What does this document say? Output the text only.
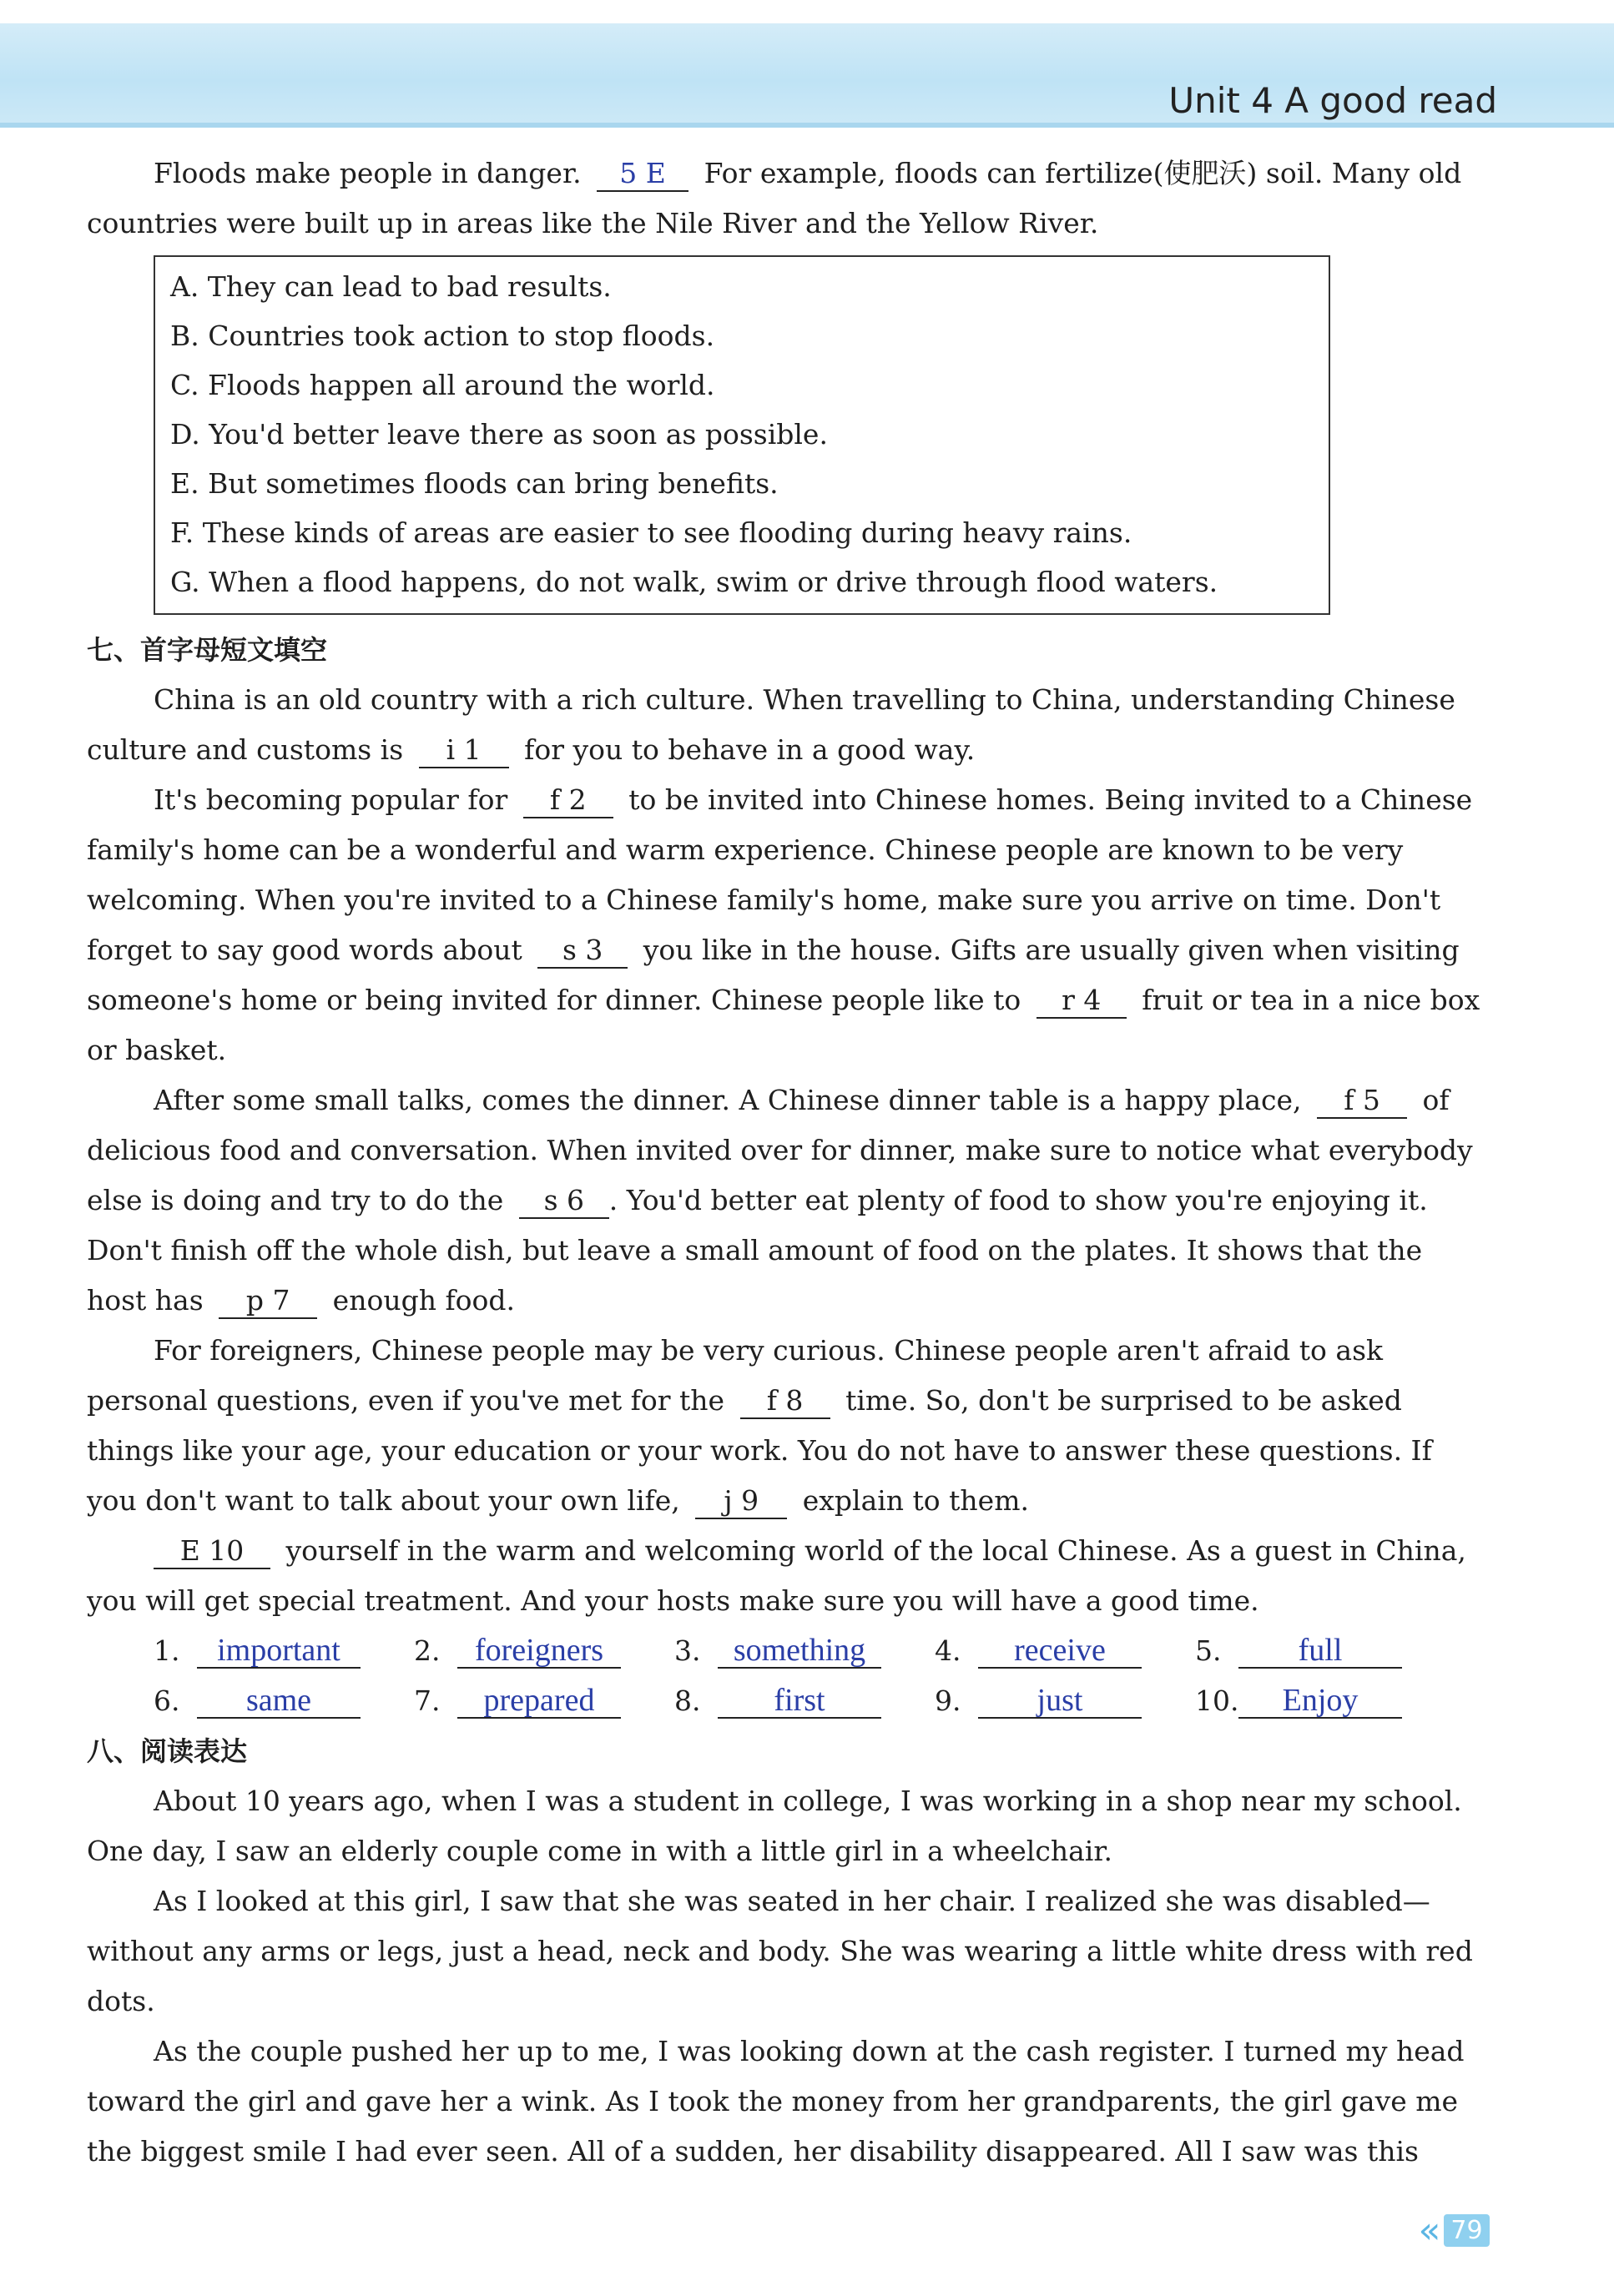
Unit 4 A good read
Floods make people in danger. 5 E For example, floods can fertilize(使肥沃) soil. Many old
countries were built up in areas like the Nile River and the Yellow River.
A. They can lead to bad results.
B. Countries took action to stop floods.
C. Floods happen all around the world.
D. You'd better leave there as soon as possible.
E. But sometimes floods can bring benefits.
F. These kinds of areas are easier to see flooding during heavy rains.
G. When a flood happens, do not walk, swim or drive through flood waters.
七、首字母短文填空
China is an old country with a rich culture. When travelling to China, understanding Chinese
culture and customs is i 1 for you to behave in a good way.
It's becoming popular for f 2 to be invited into Chinese homes. Being invited to a Chinese
family's home can be a wonderful and warm experience. Chinese people are known to be very
welcoming. When you're invited to a Chinese family's home, make sure you arrive on time. Don't
forget to say good words about s 3 you like in the house. Gifts are usually given when visiting
someone's home or being invited for dinner. Chinese people like to r 4 fruit or tea in a nice box
or basket.
After some small talks, comes the dinner. A Chinese dinner table is a happy place, f 5 of
delicious food and conversation. When invited over for dinner, make sure to notice what everybody
else is doing and try to do the s 6 . You'd better eat plenty of food to show you're enjoying it.
Don't finish off the whole dish, but leave a small amount of food on the plates. It shows that the
host has p 7 enough food.
For foreigners, Chinese people may be very curious. Chinese people aren't afraid to ask
personal questions, even if you've met for the f 8 time. So, don't be surprised to be asked
things like your age, your education or your work. You do not have to answer these questions. If
you don't want to talk about your own life, j 9 explain to them.
E 10 yourself in the warm and welcoming world of the local Chinese. As a guest in China,
you will get special treatment. And your hosts make sure you will have a good time.
1.	important	2.	foreigners	3.	something	4.	receive	5.	full
6.	same	7.	prepared	8.	first	9.	just	10.	Enjoy
八、阅读表达
About 10 years ago, when I was a student in college, I was working in a shop near my school.
One day, I saw an elderly couple come in with a little girl in a wheelchair.
As I looked at this girl, I saw that she was seated in her chair. I realized she was disabled—
without any arms or legs, just a head, neck and body. She was wearing a little white dress with red
dots.
As the couple pushed her up to me, I was looking down at the cash register. I turned my head
toward the girl and gave her a wink. As I took the money from her grandparents, the girl gave me
the biggest smile I had ever seen. All of a sudden, her disability disappeared. All I saw was this
« 79
